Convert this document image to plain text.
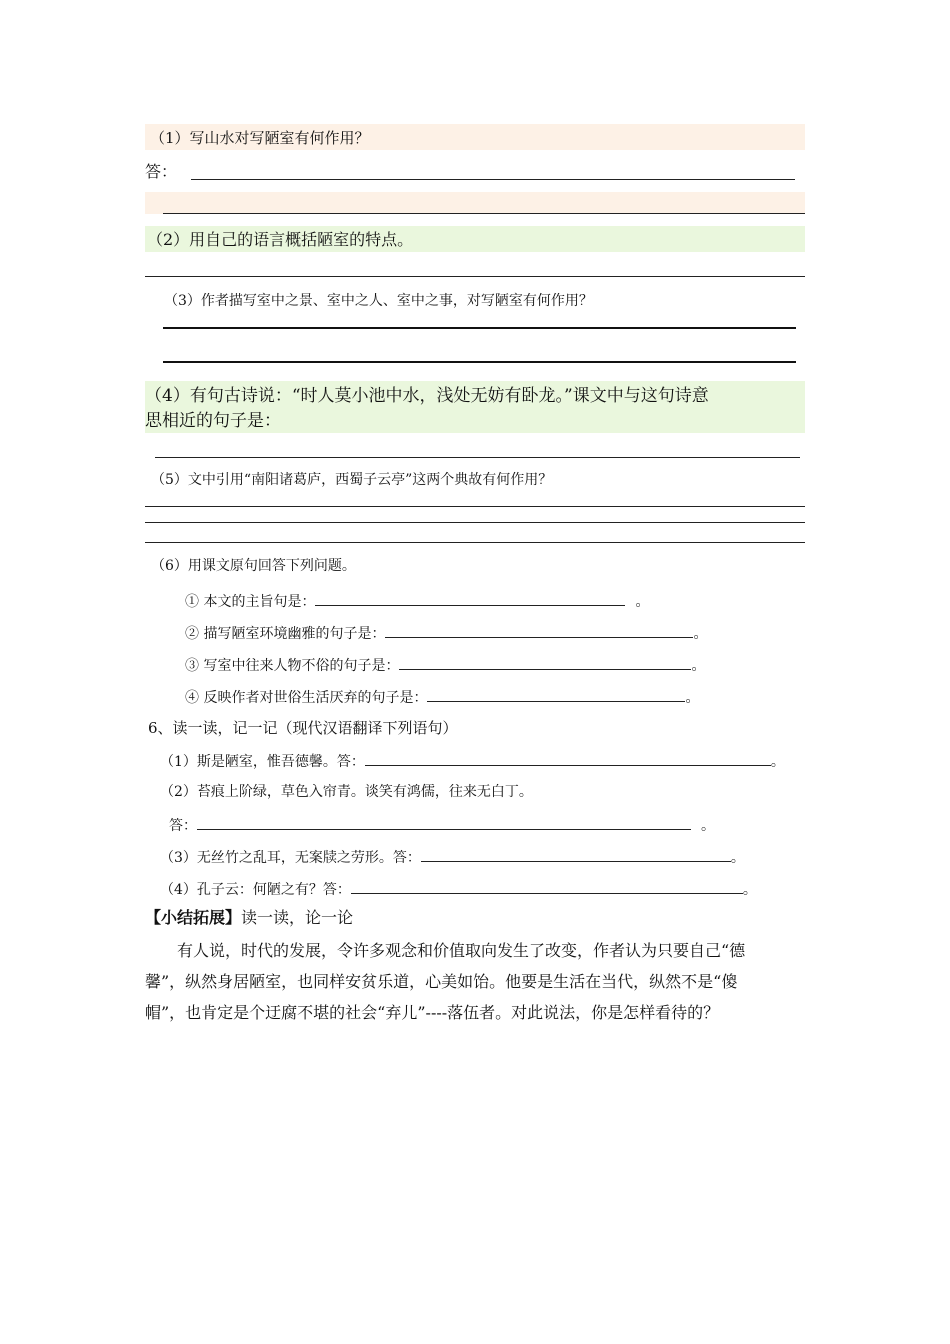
（1）写山水对写陋室有何作用？
答：
（2）用自己的语言概括陋室的特点。
（3）作者描写室中之景、室中之人、室中之事，对写陋室有何作用？
（4）有句古诗说：“时人莫小池中水，浅处无妨有卧龙。”课文中与这句诗意
思相近的句子是：
（5）文中引用“南阳诸葛庐，西蜀子云亭”这两个典故有何作用？
（6）用课文原句回答下列问题。
① 本文的主旨句是：	。
② 描写陋室环境幽雅的句子是：	。
③ 写室中往来人物不俗的句子是：	。
④ 反映作者对世俗生活厌弃的句子是：	。
6、读一读，记一记（现代汉语翻译下列语句）
（1）斯是陋室，惟吾德馨。答：	。
（2）苔痕上阶绿，草色入帘青。谈笑有鸿儒，往来无白丁。
答：	。
（3）无丝竹之乱耳，无案牍之劳形。答：	。
（4）孔子云：何陋之有？答：	。
【小结拓展】读一读，论一论
有人说，时代的发展，令许多观念和价值取向发生了改变，作者认为只要自己“德
馨”，纵然身居陋室，也同样安贫乐道，心美如饴。他要是生活在当代，纵然不是“傻
帽”，也肯定是个迂腐不堪的社会“弃儿”----落伍者。对此说法，你是怎样看待的？
